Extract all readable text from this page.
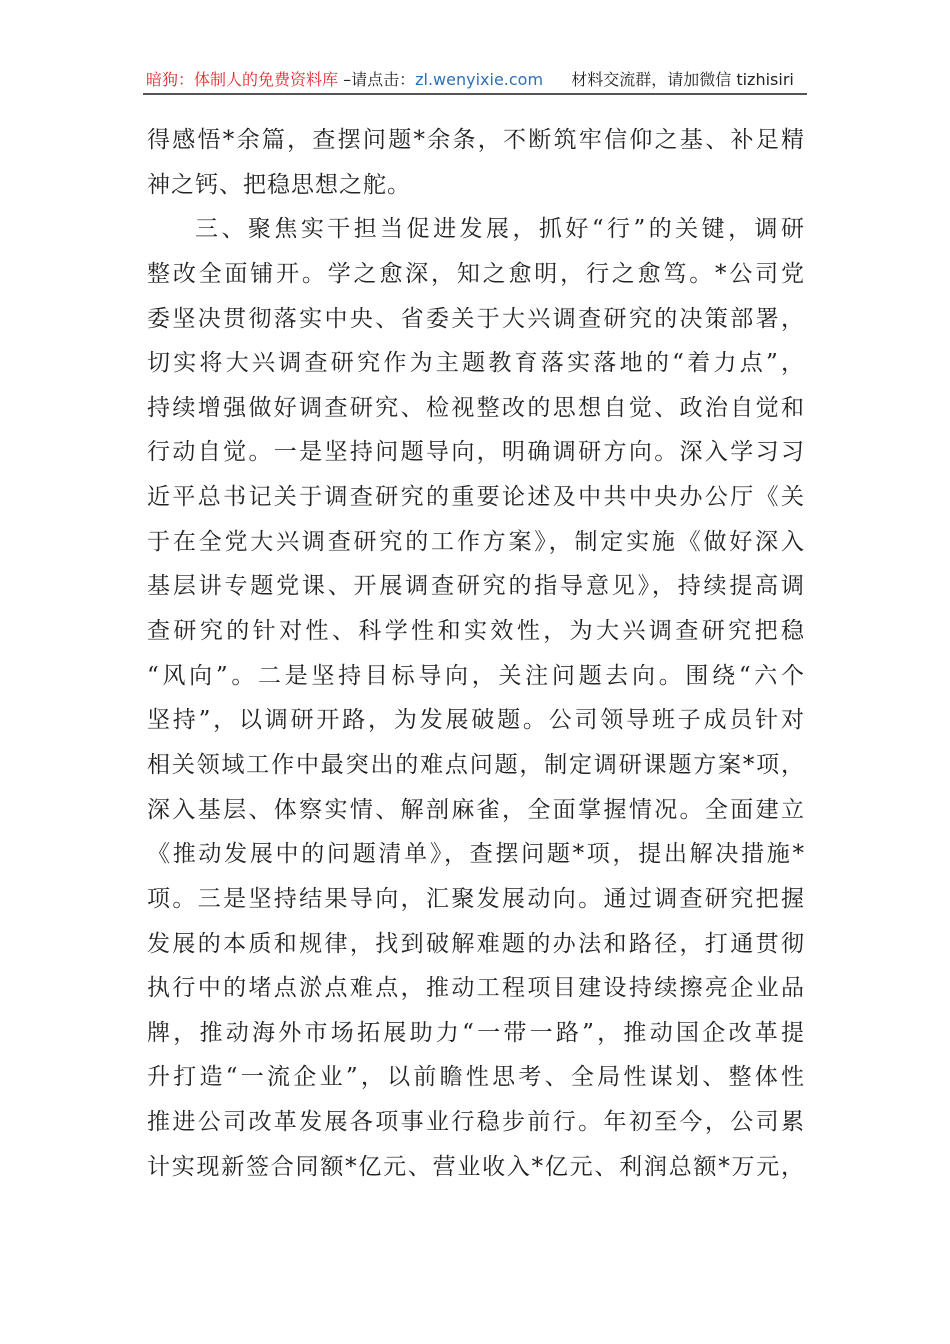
暗狗：体制人的免费资料库 –请点击：zl.wenyixie.com 材料交流群，请加微信 tizhisiri
得感悟*余篇，查摆问题*余条，不断筑牢信仰之基、补足精
神之钙、把稳思想之舵。
三、聚焦实干担当促进发展，抓好“行”的关键，调研
整改全面铺开。学之愈深，知之愈明，行之愈笃。*公司党
委坚决贯彻落实中央、省委关于大兴调查研究的决策部署，
切实将大兴调查研究作为主题教育落实落地的“着力点”，
持续增强做好调查研究、检视整改的思想自觉、政治自觉和
行动自觉。一是坚持问题导向，明确调研方向。深入学习习
近平总书记关于调查研究的重要论述及中共中央办公厅《关
于在全党大兴调查研究的工作方案》，制定实施《做好深入
基层讲专题党课、开展调查研究的指导意见》，持续提高调
查研究的针对性、科学性和实效性，为大兴调查研究把稳
“风向”。二是坚持目标导向，关注问题去向。围绕“六个
坚持”，以调研开路，为发展破题。公司领导班子成员针对
相关领域工作中最突出的难点问题，制定调研课题方案*项，
深入基层、体察实情、解剖麻雀，全面掌握情况。全面建立
《推动发展中的问题清单》，查摆问题*项，提出解决措施*
项。三是坚持结果导向，汇聚发展动向。通过调查研究把握
发展的本质和规律，找到破解难题的办法和路径，打通贯彻
执行中的堵点淤点难点，推动工程项目建设持续擦亮企业品
牌，推动海外市场拓展助力“一带一路”，推动国企改革提
升打造“一流企业”，以前瞻性思考、全局性谋划、整体性
推进公司改革发展各项事业行稳步前行。年初至今，公司累
计实现新签合同额*亿元、营业收入*亿元、利润总额*万元，
